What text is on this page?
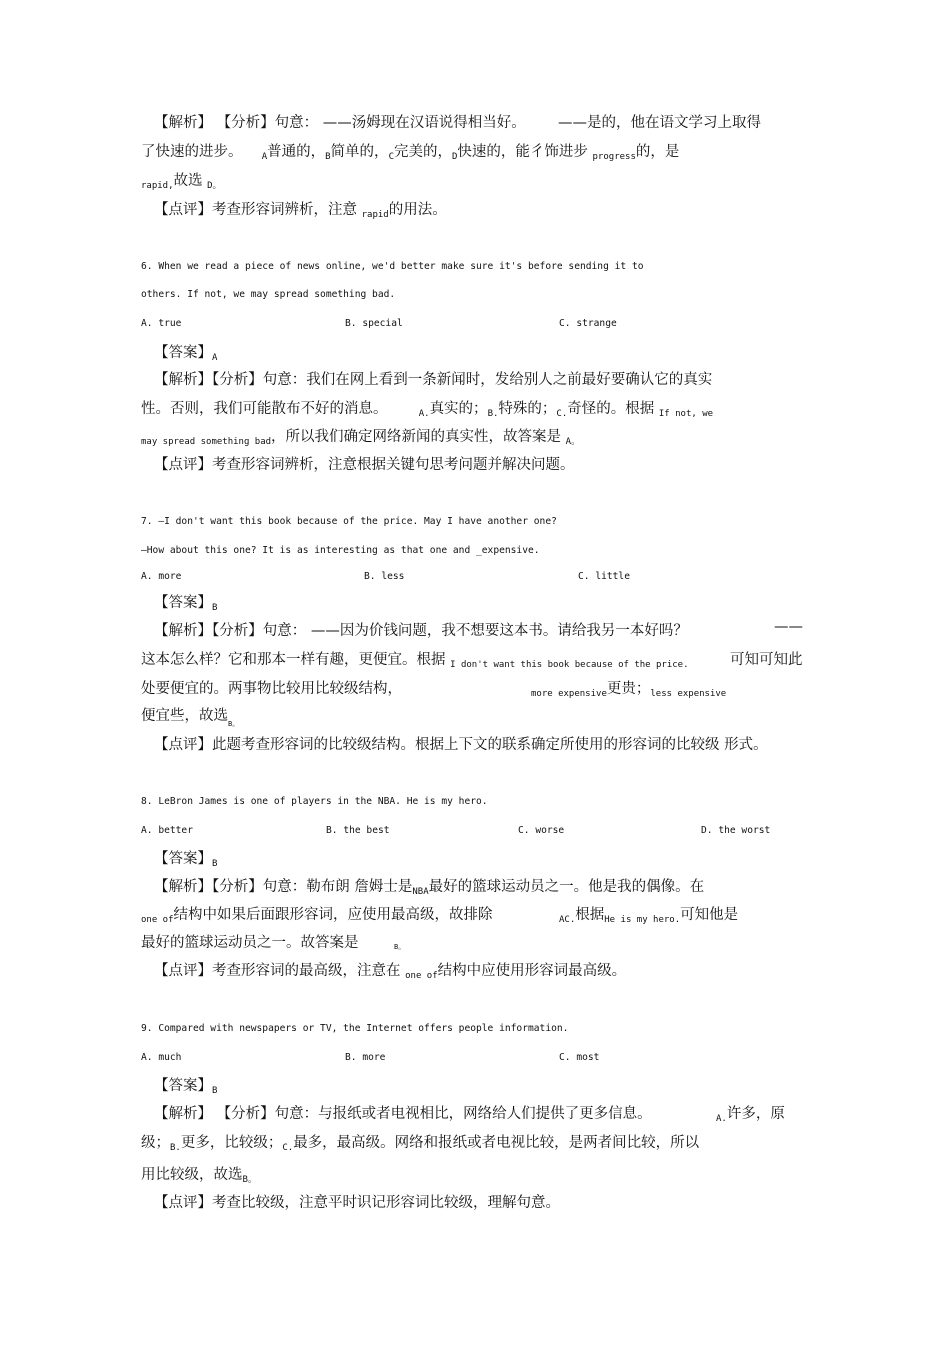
【解析】 【分析】句意： ——汤姆现在汉语说得相当好。 ——是的，他在语文学习上取得
了快速的进步。 $_A$普通的，$_B$简单的，$_C$完美的，$_D$快速的，能彳饰进步 $_{progress}$的，是
$_{rapid,}$故选 $_{D。}$
【点评】考查形容词辨析，注意 $_{rapid}$的用法。
6. When we read a piece of news online, we'd better make sure it's before sending it to
others. If not, we may spread something bad.
A. true	B. special	C. strange
【答案】$_A$
【解析】【分析】句意：我们在网上看到一条新闻时，发给别人之前最好要确认它的真实
性。否则，我们可能散布不好的消息。	$_{A.}$真实的；$_{B.}$特殊的；$_{C.}$奇怪的。根据 $_{If not, we}$
$_{may spread something bad}$，所以我们确定网络新闻的真实性，故答案是 $_{A。}$
【点评】考查形容词辨析，注意根据关键句思考问题并解决问题。
7. —I don't want this book because of the price. May I have another one?
—How about this one? It is as interesting as that one and _expensive.
A. more	B. less	C. little
【答案】$_B$
【解析】【分析】句意： ——因为价钱问题，我不想要这本书。请给我另一本好吗？	——
这本怎么样？它和那本一样有趣，更便宜。根据 $_{I don't want this book because of the price.}$	可知可知此
处要便宜的。两事物比较用比较级结构，	$_{more expensive}$更贵；$_{less expensive}$
便宜些，故选$_{B。}$
【点评】此题考查形容词的比较级结构。根据上下文的联系确定所使用的形容词的比较级 形式。
8. LeBron James is one of players in the NBA. He is my hero.
A. better	B. the best	C. worse	D. the worst
【答案】$_B$
【解析】【分析】句意：勒布朗 詹姆士是$_{NBA}$最好的篮球运动员之一。他是我的偶像。在
$_{one of}$结构中如果后面跟形容词，应使用最高级，故排除	$_{AC.}$根据$_{He is my hero.}$可知他是
最好的篮球运动员之一。故答案是	B。
【点评】考查形容词的最高级，注意在 $_{one of}$结构中应使用形容词最高级。
9. Compared with newspapers or TV, the Internet offers people information.
A. much	B. more	C. most
【答案】$_B$
【解析】 【分析】句意：与报纸或者电视相比，网络给人们提供了更多信息。	$_{A.}$许多，原
级；$_{B.}$更多，比较级；$_{C.}$最多，最高级。网络和报纸或者电视比较，是两者间比较，所以
用比较级，故选$_{B。}$
【点评】考查比较级，注意平时识记形容词比较级，理解句意。
